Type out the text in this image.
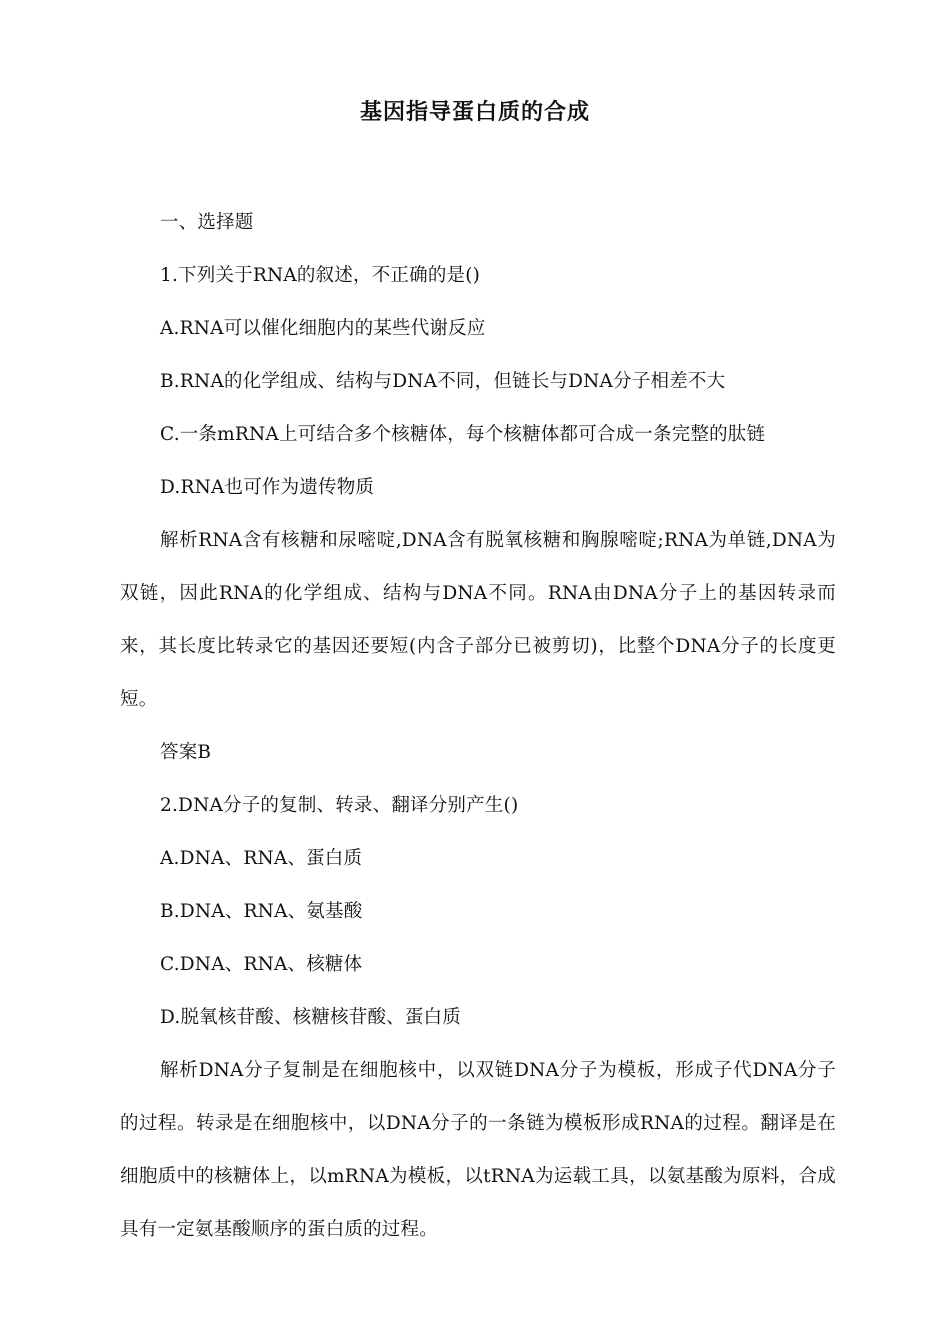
基因指导蛋白质的合成

一、选择题

1.下列关于RNA的叙述，不正确的是()

A.RNA可以催化细胞内的某些代谢反应

B.RNA的化学组成、结构与DNA不同，但链长与DNA分子相差不大

C.一条mRNA上可结合多个核糖体，每个核糖体都可合成一条完整的肽链

D.RNA也可作为遗传物质

解析RNA含有核糖和尿嘧啶,DNA含有脱氧核糖和胸腺嘧啶;RNA为单链,DNA为双链，因此RNA的化学组成、结构与DNA不同。RNA由DNA分子上的基因转录而来，其长度比转录它的基因还要短(内含子部分已被剪切)，比整个DNA分子的长度更短。

答案B

2.DNA分子的复制、转录、翻译分别产生()

A.DNA、RNA、蛋白质

B.DNA、RNA、氨基酸

C.DNA、RNA、核糖体

D.脱氧核苷酸、核糖核苷酸、蛋白质

解析DNA分子复制是在细胞核中，以双链DNA分子为模板，形成子代DNA分子的过程。转录是在细胞核中，以DNA分子的一条链为模板形成RNA的过程。翻译是在细胞质中的核糖体上，以mRNA为模板，以tRNA为运载工具，以氨基酸为原料，合成具有一定氨基酸顺序的蛋白质的过程。
